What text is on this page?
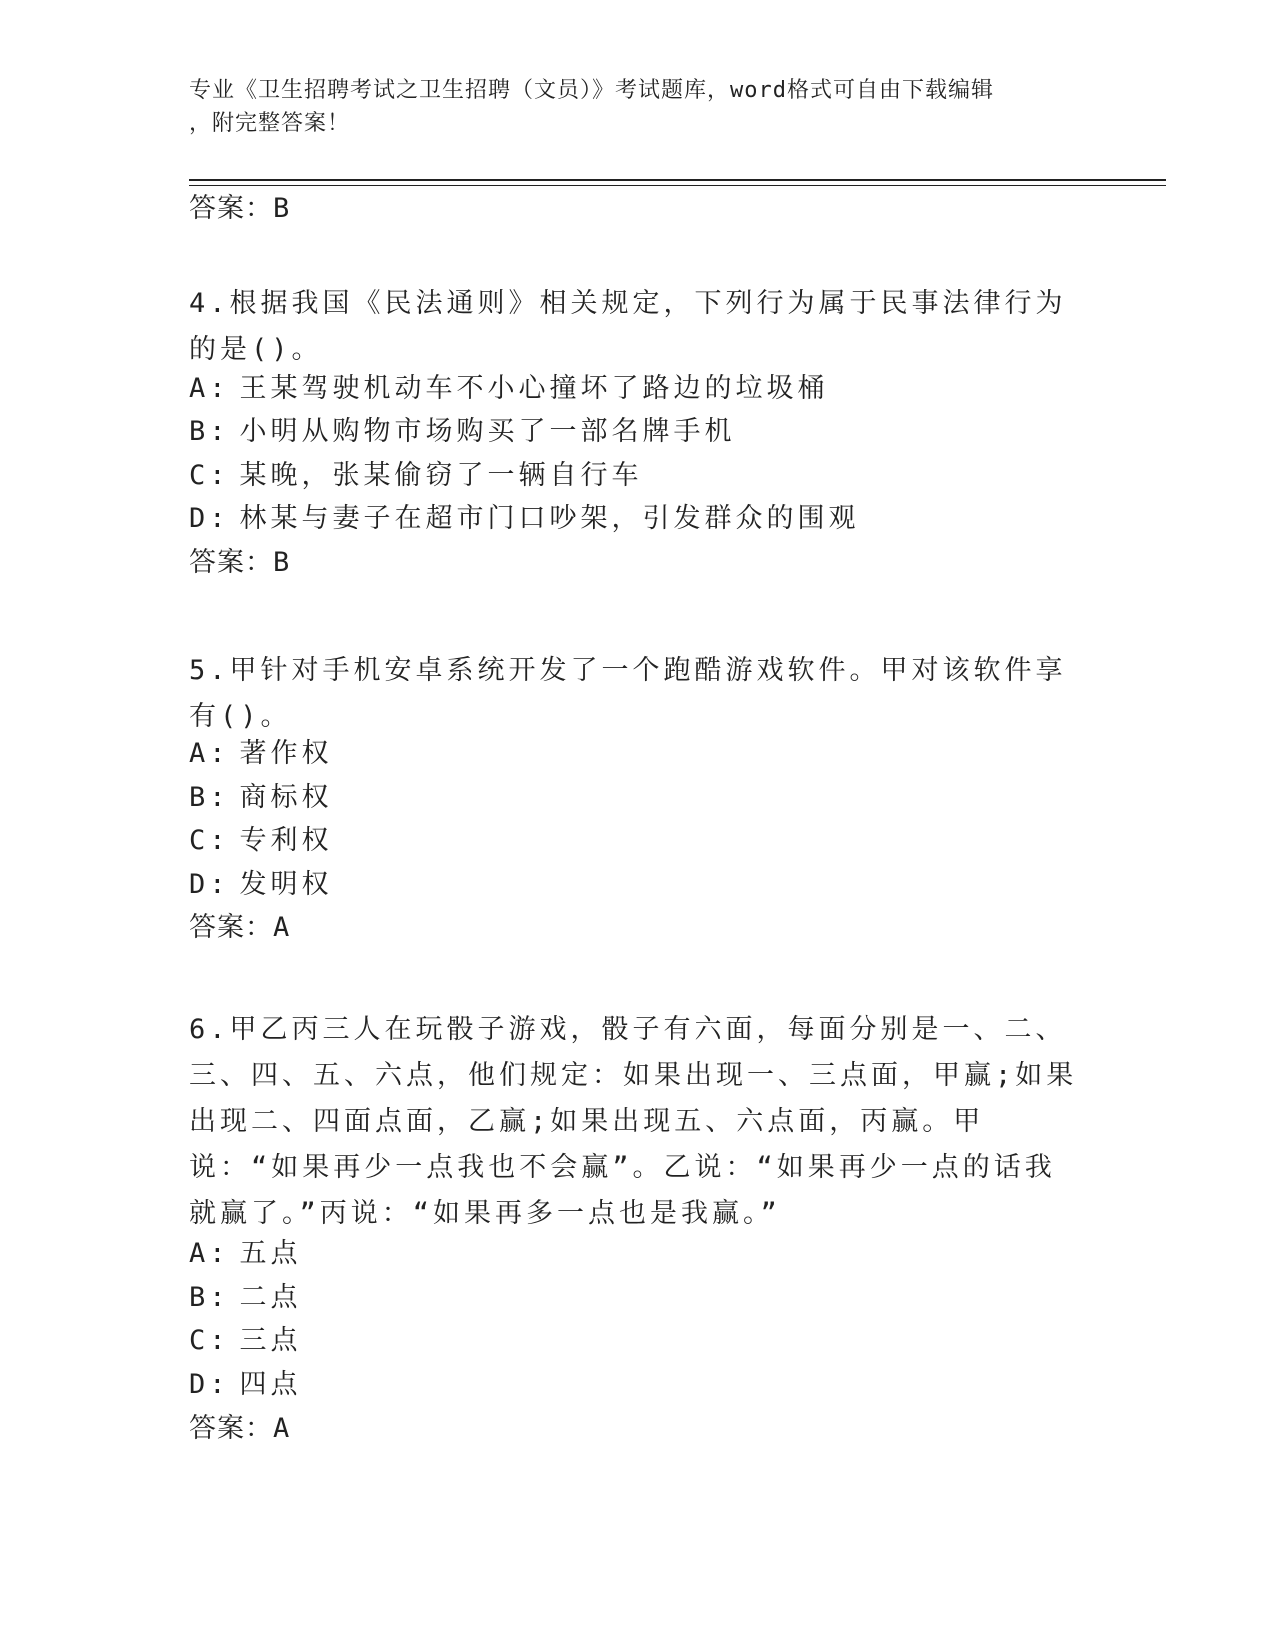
专业《卫生招聘考试之卫生招聘（文员）》考试题库，word格式可自由下载编辑

，附完整答案！

答案：B

4.根据我国《民法通则》相关规定，下列行为属于民事法律行为的是()。

A: 王某驾驶机动车不小心撞坏了路边的垃圾桶
B: 小明从购物市场购买了一部名牌手机
C: 某晚，张某偷窃了一辆自行车
D: 林某与妻子在超市门口吵架，引发群众的围观
答案：B

5.甲针对手机安卓系统开发了一个跑酷游戏软件。甲对该软件享有()。

A: 著作权
B: 商标权
C: 专利权
D: 发明权
答案：A

6.甲乙丙三人在玩骰子游戏，骰子有六面，每面分别是一、二、三、四、五、六点，他们规定：如果出现一、三点面，甲赢;如果出现二、四面点面，乙赢;如果出现五、六点面，丙赢。甲说：“如果再少一点我也不会赢”。乙说：“如果再少一点的话我就赢了。”丙说：“如果再多一点也是我赢。”

A: 五点
B: 二点
C: 三点
D: 四点
答案：A
